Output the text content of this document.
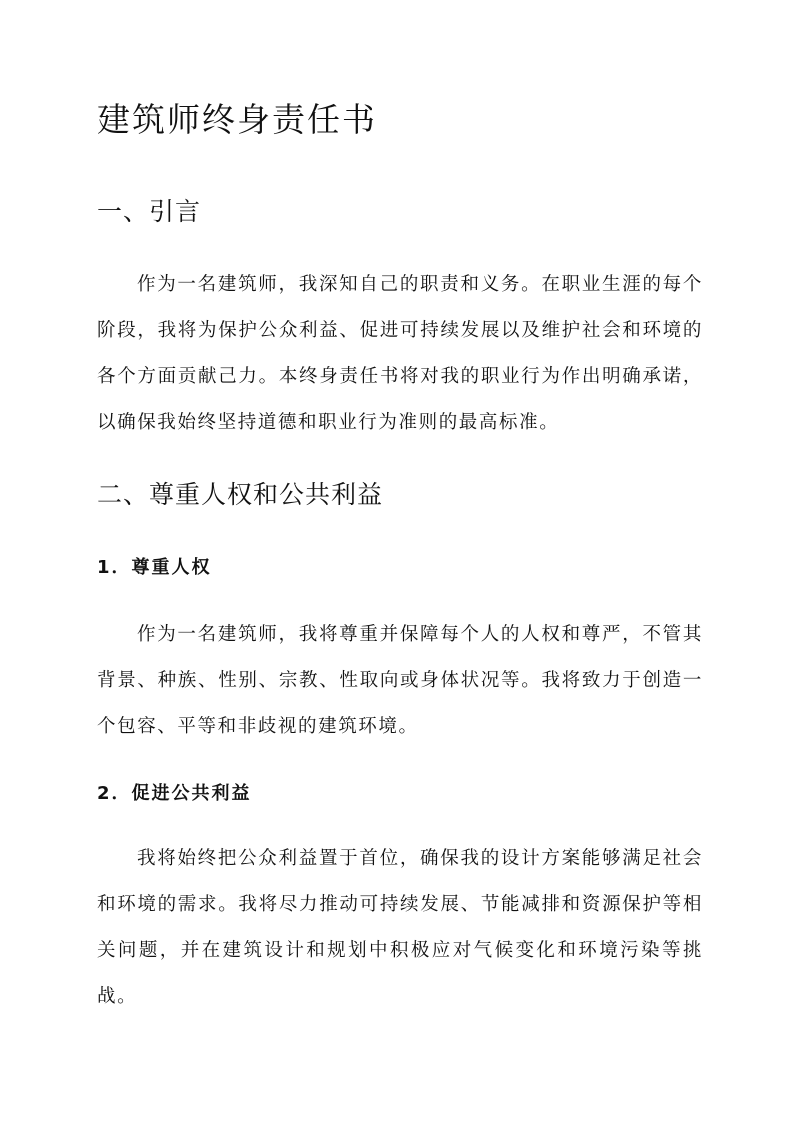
建筑师终身责任书
一、引言

作为一名建筑师，我深知自己的职责和义务。在职业生涯的每个阶段，我将为保护公众利益、促进可持续发展以及维护社会和环境的各个方面贡献己力。本终身责任书将对我的职业行为作出明确承诺，以确保我始终坚持道德和职业行为准则的最高标准。

二、尊重人权和公共利益
1．尊重人权

作为一名建筑师，我将尊重并保障每个人的人权和尊严，不管其背景、种族、性别、宗教、性取向或身体状况等。我将致力于创造一个包容、平等和非歧视的建筑环境。

2．促进公共利益

我将始终把公众利益置于首位，确保我的设计方案能够满足社会和环境的需求。我将尽力推动可持续发展、节能减排和资源保护等相关问题，并在建筑设计和规划中积极应对气候变化和环境污染等挑战。
